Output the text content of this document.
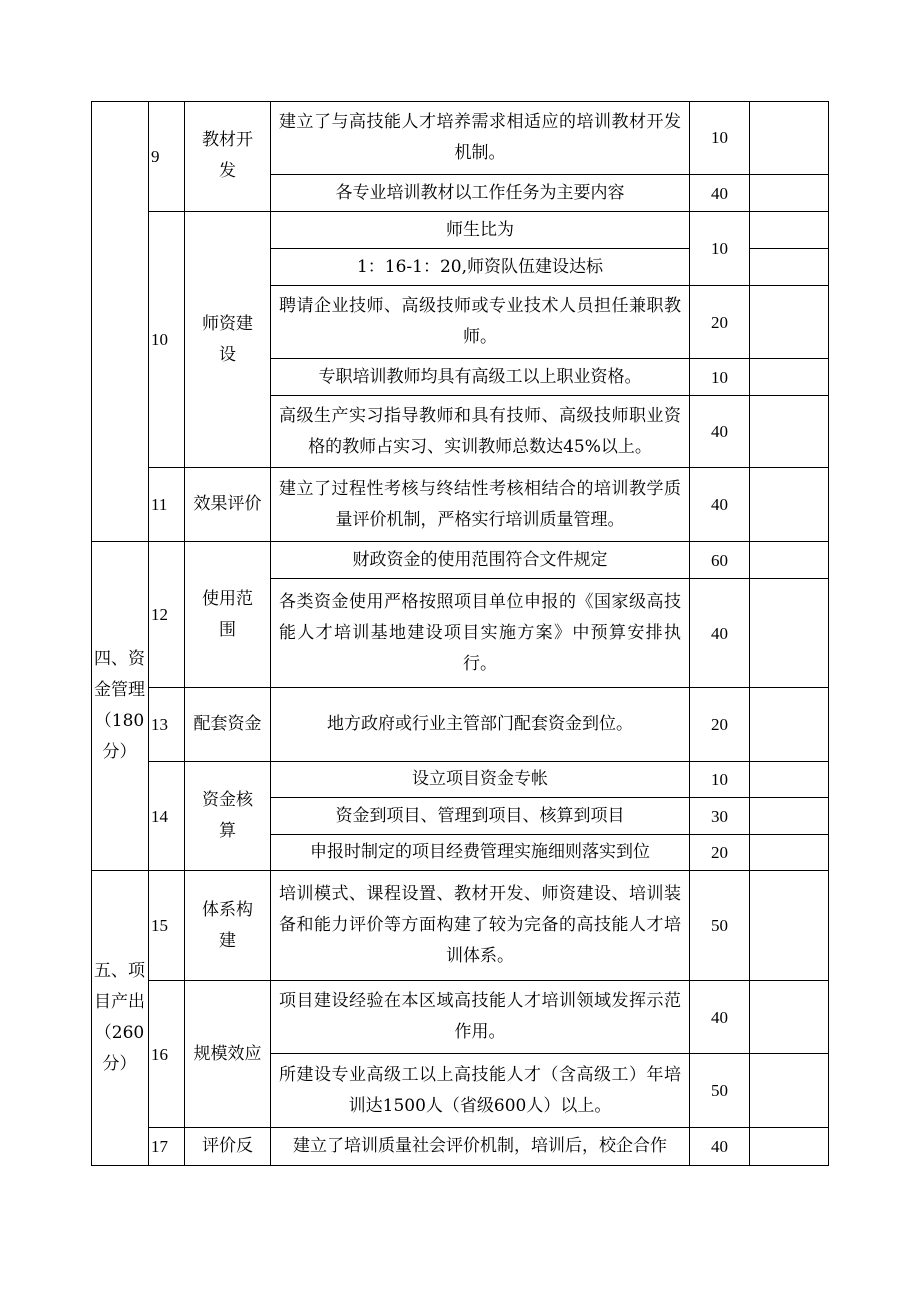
四、资金管理（180分）
五、项目产出（260分）
9
10
11
12
13
14
15
16
17
教材开发
师资建设
效果评价
使用范围
配套资金
资金核算
体系构建
规模效应
评价反
建立了与高技能人才培养需求相适应的培训教材开发机制。
各专业培训教材以工作任务为主要内容
师生比为
1：16-1：20,师资队伍建设达标
聘请企业技师、高级技师或专业技术人员担任兼职教师。
专职培训教师均具有高级工以上职业资格。
高级生产实习指导教师和具有技师、高级技师职业资格的教师占实习、实训教师总数达45%以上。
建立了过程性考核与终结性考核相结合的培训教学质量评价机制，严格实行培训质量管理。
财政资金的使用范围符合文件规定
各类资金使用严格按照项目单位申报的《国家级高技能人才培训基地建设项目实施方案》中预算安排执行。
地方政府或行业主管部门配套资金到位。
设立项目资金专帐
资金到项目、管理到项目、核算到项目
申报时制定的项目经费管理实施细则落实到位
培训模式、课程设置、教材开发、师资建设、培训装备和能力评价等方面构建了较为完备的高技能人才培训体系。
项目建设经验在本区域高技能人才培训领域发挥示范作用。
所建设专业高级工以上高技能人才（含高级工）年培训达1500人（省级600人）以上。
建立了培训质量社会评价机制，培训后，校企合作
10
40
10
20
10
40
40
60
40
20
10
30
20
50
40
50
40
